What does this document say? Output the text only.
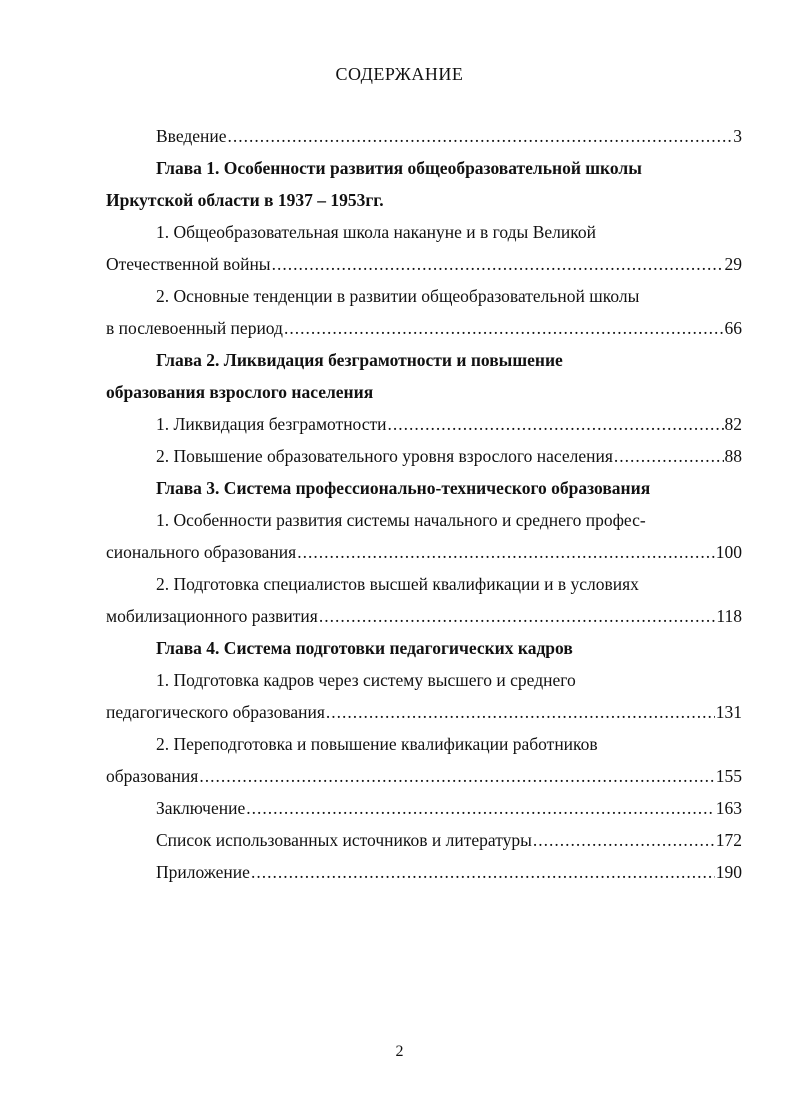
СОДЕРЖАНИЕ
Введение .....	3
Глава 1. Особенности развития общеобразовательной школы
Иркутской области в 1937 – 1953гг.
1. Общеобразовательная школа накануне и в годы Великой
Отечественной войны .....	29
2. Основные тенденции в развитии общеобразовательной школы
в послевоенный период .....	66
Глава 2. Ликвидация безграмотности и повышение
образования взрослого населения
1. Ликвидация безграмотности .....	82
2. Повышение образовательного уровня взрослого населения .....	88
Глава 3. Система профессионально-технического образования
1. Особенности развития системы начального и среднего профес-
сионального образования .....	100
2. Подготовка специалистов высшей квалификации и в условиях
мобилизационного развития .....	118
Глава 4. Система подготовки педагогических кадров
1. Подготовка кадров через систему высшего и среднего
педагогического образования .....	131
2. Переподготовка и повышение квалификации работников
образования .....	155
Заключение .....	163
Список использованных источников и литературы .....	172
Приложение .....	190
2
